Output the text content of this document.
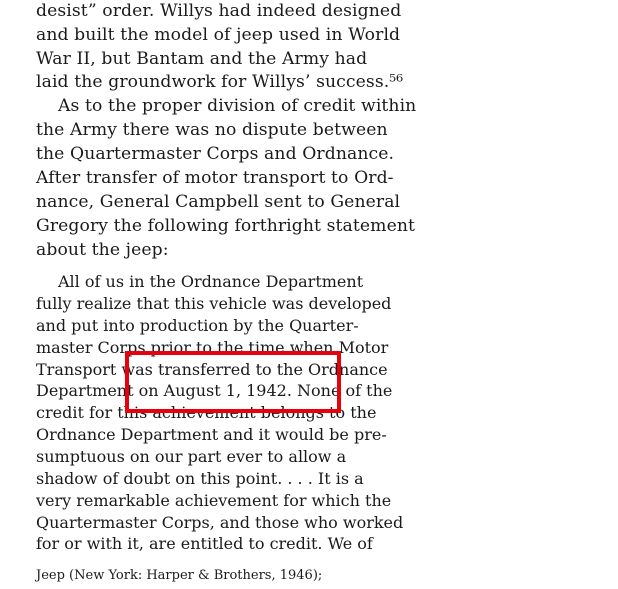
desist” order. Willys had indeed designed
and built the model of jeep used in World
War II, but Bantam and the Army had
laid the groundwork for Willys’ success.⁵⁶
As to the proper division of credit within
the Army there was no dispute between
the Quartermaster Corps and Ordnance.
After transfer of motor transport to Ord-
nance, General Campbell sent to General
Gregory the following forthright statement
about the jeep:
All of us in the Ordnance Department
fully realize that this vehicle was developed
and put into production by the Quarter-
master Corps prior to the time when Motor
Transport was transferred to the Ordnance
Department on August 1, 1942. None of the
credit for this achievement belongs to the
Ordnance Department and it would be pre-
sumptuous on our part ever to allow a
shadow of doubt on this point. . . . It is a
very remarkable achievement for which the
Quartermaster Corps, and those who worked
for or with it, are entitled to credit. We of
Jeep (New York: Harper & Brothers, 1946);
